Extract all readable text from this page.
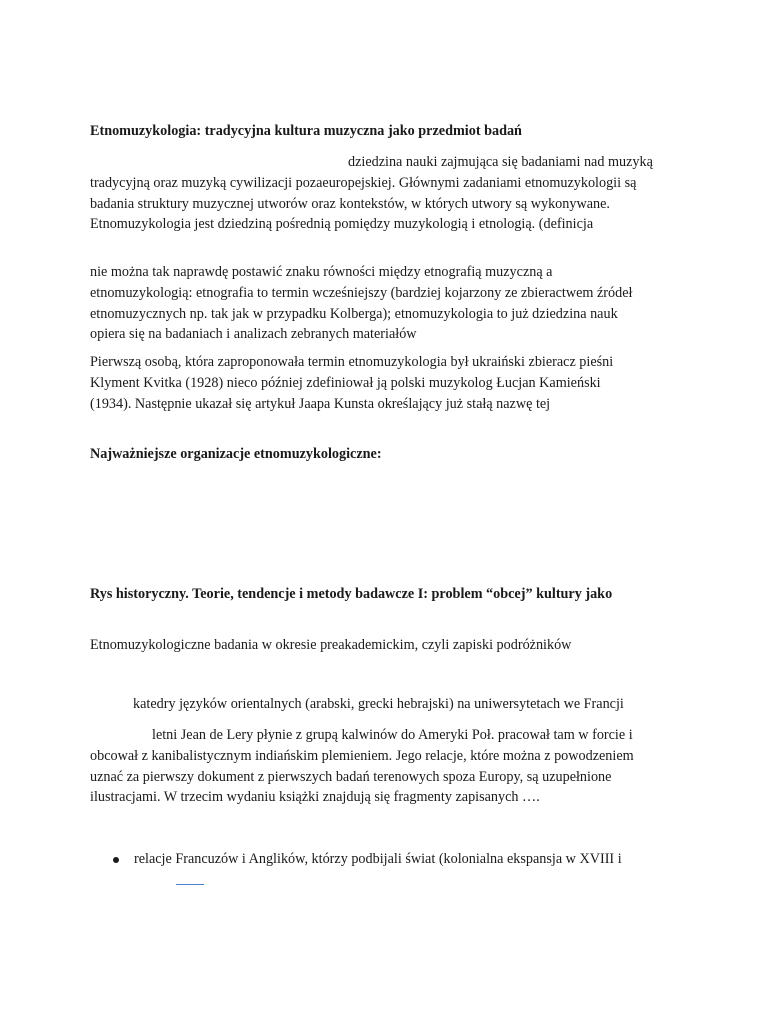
Etnomuzykologia: tradycyjna kultura muzyczna jako przedmiot badań
dziedzina nauki zajmująca się badaniami nad muzyką
tradycyjną oraz muzyką cywilizacji pozaeuropejskiej. Głównymi zadaniami etnomuzykologii są
badania struktury muzycznej utworów oraz kontekstów, w których utwory są wykonywane.
Etnomuzykologia jest dziedziną pośrednią pomiędzy muzykologią i etnologią. (definicja
nie można tak naprawdę postawić znaku równości między etnografią muzyczną a
etnomuzykologią: etnografia to termin wcześniejszy (bardziej kojarzony ze zbieractwem źródeł
etnomuzycznych np. tak jak w przypadku Kolberga); etnomuzykologia to już dziedzina nauk
opiera się na badaniach i analizach zebranych materiałów
Pierwszą osobą, która zaproponowała termin etnomuzykologia był ukraiński zbieracz pieśni
Klyment Kvitka (1928) nieco później zdefiniował ją polski muzykolog Łucjan Kamieński
(1934). Następnie ukazał się artykuł Jaapa Kunsta określający już stałą nazwę tej
Najważniejsze organizacje etnomuzykologiczne:
Rys historyczny. Teorie, tendencje i metody badawcze I: problem “obcej” kultury jako
Etnomuzykologiczne badania w okresie preakademickim, czyli zapiski podróżników
katedry języków orientalnych (arabski, grecki hebrajski) na uniwersytetach we Francji
letni Jean de Lery płynie z grupą kalwinów do Ameryki Poł. pracował tam w forcie i
obcował z kanibalistycznym indiańskim plemieniem. Jego relacje, które można z powodzeniem
uznać za pierwszy dokument z pierwszych badań terenowych spoza Europy, są uzupełnione
ilustracjami. W trzecim wydaniu książki znajdują się fragmenty zapisanych ….
relacje Francuzów i Anglików, którzy podbijali świat (kolonialna ekspansja w XVIII i
